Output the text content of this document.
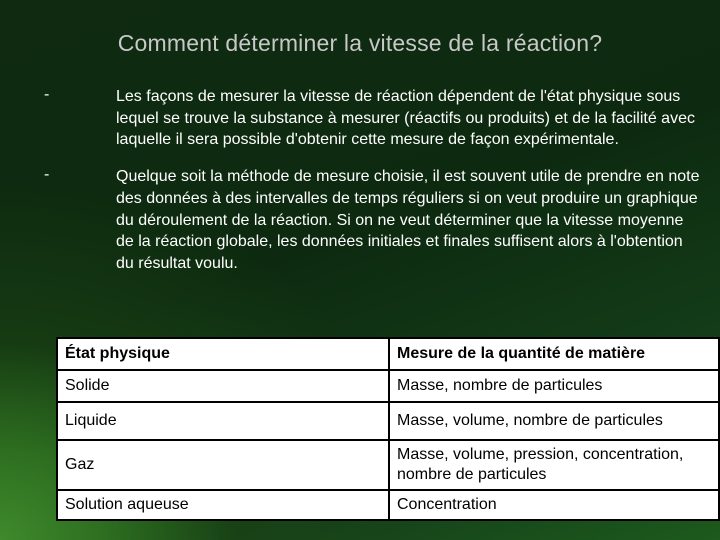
Comment déterminer la vitesse de la réaction?
-	Les façons de mesurer la vitesse de réaction dépendent de l'état physique sous lequel se trouve la substance à mesurer (réactifs ou produits) et de la facilité avec laquelle il sera possible d'obtenir cette mesure de façon expérimentale.
-	Quelque soit la méthode de mesure choisie, il est souvent utile de prendre en note des données à des intervalles de temps réguliers si on veut produire un graphique du déroulement de la réaction. Si on ne veut déterminer que la vitesse moyenne de la réaction globale, les données initiales et finales suffisent alors à l'obtention du résultat voulu.
État physique	Mesure de la quantité de matière
Solide	Masse, nombre de particules
Liquide	Masse, volume, nombre de particules
Gaz	Masse, volume, pression, concentration, nombre de particules
Solution aqueuse	Concentration
